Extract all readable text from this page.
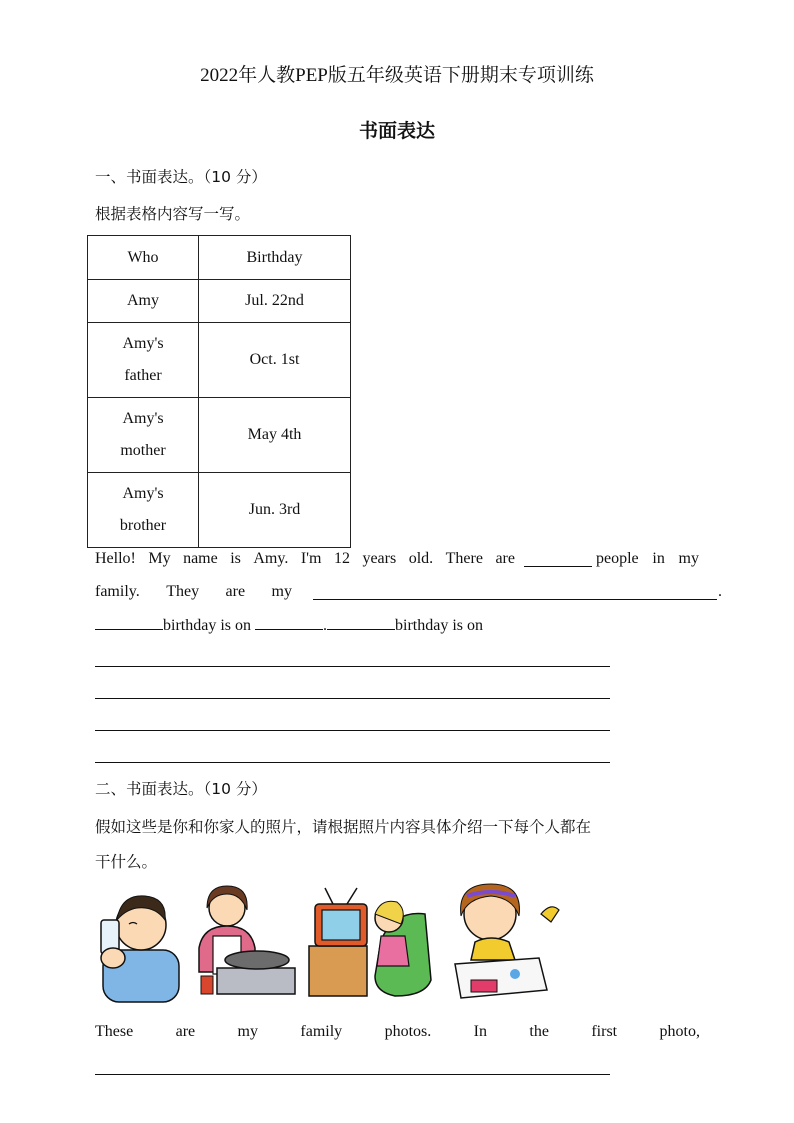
2022年人教PEP版五年级英语下册期末专项训练
书面表达
一、书面表达。（10 分）
根据表格内容写一写。
Who	Birthday
Amy	Jul. 22nd
Amy's
father	Oct. 1st
Amy's
mother	May 4th
Amy's
brother	Jun. 3rd
Hello! My name is Amy. I'm 12 years old. There are	people in my
family. They are my	.
birthday is on	.	birthday is on
二、书面表达。（10 分）
假如这些是你和你家人的照片，请根据照片内容具体介绍一下每个人都在
干什么。
These	are	my	family	photos.	In	the	first	photo,
